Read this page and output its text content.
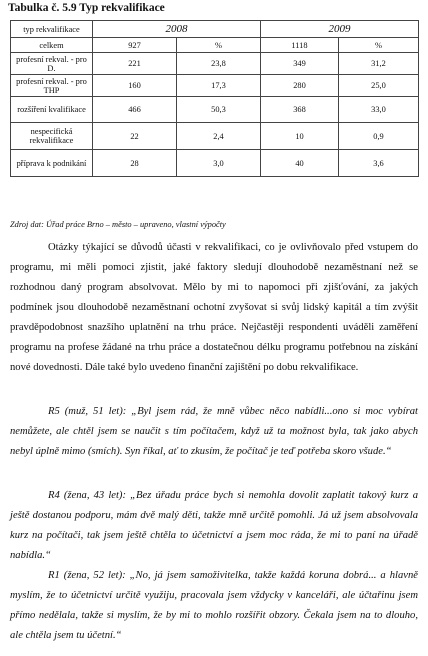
Tabulka č. 5.9 Typ rekvalifikace
typ rekvalifikace	2008		2009	
celkem	927	%	1118	%
profesní rekval. - pro D.	221	23,8	349	31,2
profesní rekval. - pro THP	160	17,3	280	25,0
rozšíření kvalifikace	466	50,3	368	33,0
nespecifická rekvalifikace	22	2,4	10	0,9
příprava k podnikání	28	3,0	40	3,6
Zdroj dat: Úřad práce Brno – město – upraveno, vlastní výpočty
Otázky týkající se důvodů účasti v rekvalifikaci, co je ovlivňovalo před vstupem do programu, mi měli pomoci zjistit, jaké faktory sledují dlouhodobě nezaměstnaní než se rozhodnou daný program absolvovat. Mělo by mi to napomoci při zjišťování, za jakých podmínek jsou dlouhodobě nezaměstnaní ochotní zvyšovat si svůj lidský kapitál a tím zvýšit pravděpodobnost snazšího uplatnění na trhu práce. Nejčastěji respondenti uváděli zaměření programu na profese žádané na trhu práce a dostatečnou délku programu potřebnou na získání nové dovednosti. Dále také bylo uvedeno finanční zajištění po dobu rekvalifikace.
R5 (muž, 51 let): „Byl jsem rád, že mně vůbec něco nabídli...ono si moc vybírat nemůžete, ale chtěl jsem se naučit s tím počítačem, když už ta možnost byla, tak jako abych nebyl úplně mimo (smích). Syn říkal, ať to zkusím, že počítač je teď potřeba skoro všude.“
R4 (žena, 43 let): „Bez úřadu práce bych si nemohla dovolit zaplatit takový kurz a ještě dostanou podporu, mám dvě malý děti, takže mně určitě pomohli. Já už jsem absolvovala kurz na počítači, tak jsem ještě chtěla to účetnictví a jsem moc ráda, že mi to paní na úřadě nabídla.“
R1 (žena, 52 let): „No, já jsem samoživitelka, takže každá koruna dobrá... a hlavně myslím, že to účetnictví určitě využiju, pracovala jsem vždycky v kanceláři, ale účtařinu jsem přímo nedělala, takže si myslím, že by mi to mohlo rozšířit obzory. Čekala jsem na to dlouho, ale chtěla jsem tu účetní.“
